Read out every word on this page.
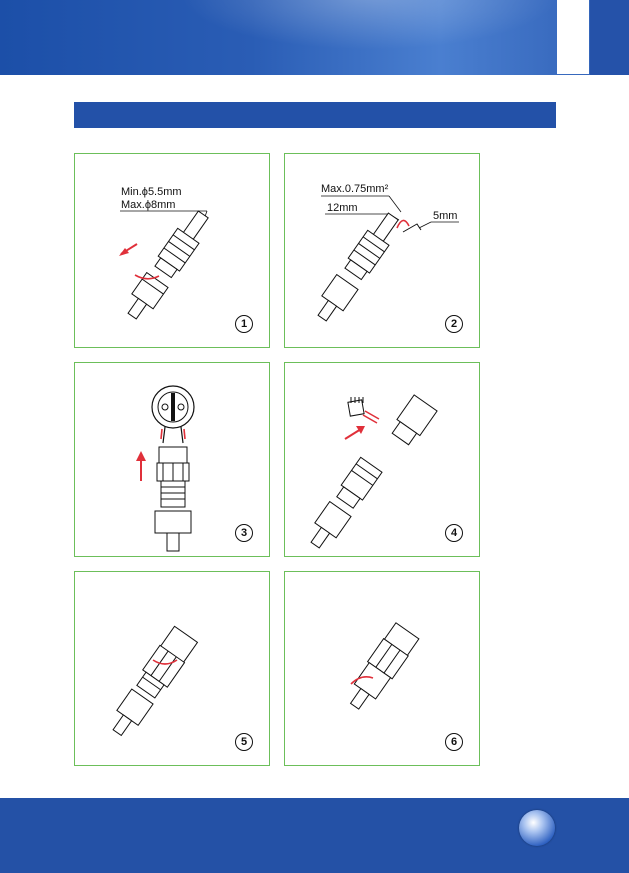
Min.ϕ5.5mm
Max.ϕ8mm
1
Max.0.75mm²
12mm
5mm
2
3	4
5	6
